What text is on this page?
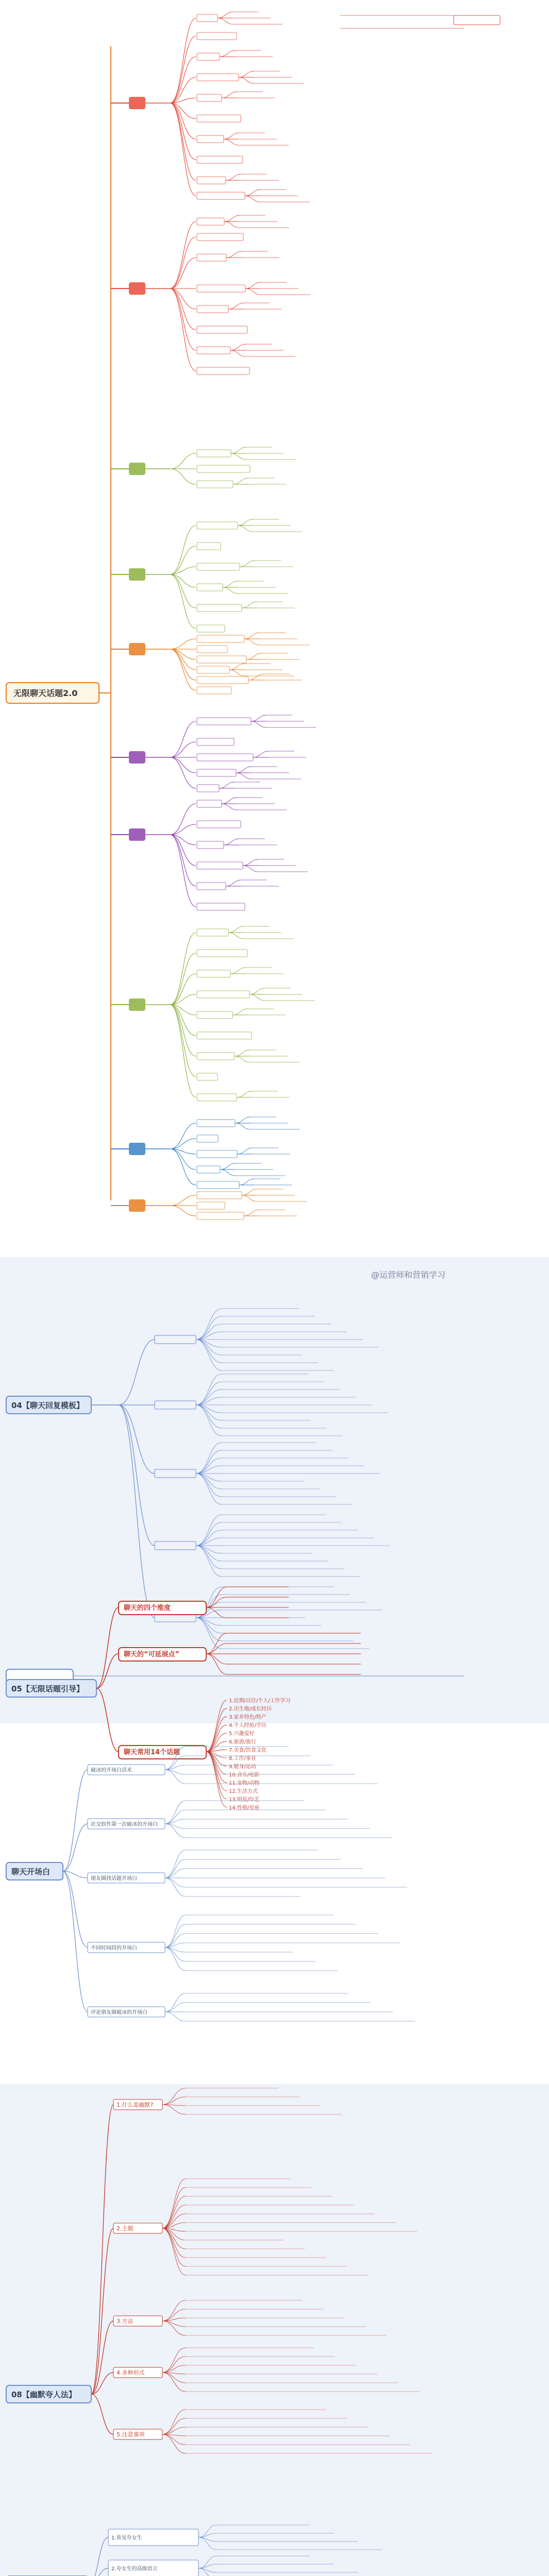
无限聊天话题2.0
@运营师和营销学习
04【聊天回复模板】
05【无限话题引导】
聊天的四个维度
聊天的“可延展点”
聊天常用14个话题
1.近期/以往/个人/工作学习
2.出生地/成长经历
3.家乡特色/特产
4.个人经验/学历
5.兴趣爱好
6.旅游/旅行
7.美食/饮食文化
8.工作/事业
9.健身/运动
10.音乐/电影
11.宠物/动物
12.生活方式
13.明星/综艺
14.性格/星座
聊天开场白
破冰的开场白话术
社交软件第一次破冰的开场白
朋友圈找话题开场白
不同时间段的开场白
评论朋友圈破冰的开场白
08【幽默夸人法】
1.什么是幽默?
2.主题
3.方法
4.多种形式
5.注意事项
1.常见夸女生
2.夸女生的高级语言
